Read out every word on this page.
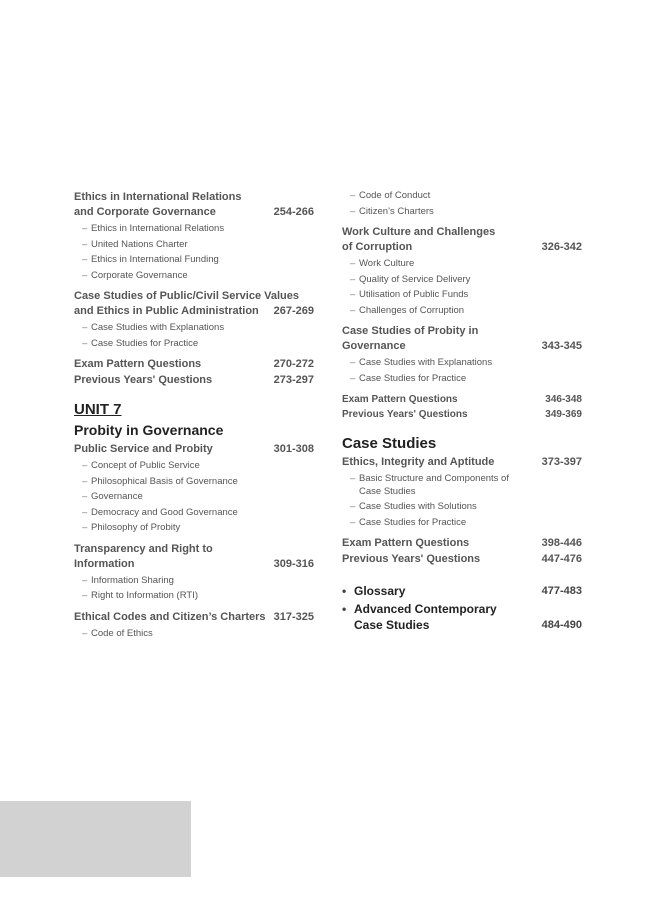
Ethics in International Relations
and Corporate Governance	254-266
– Ethics in International Relations
– United Nations Charter
– Ethics in International Funding
– Corporate Governance
Case Studies of Public/Civil Service Values
and Ethics in Public Administration 267-269
– Case Studies with Explanations
– Case Studies for Practice
Exam Pattern Questions	270-272
Previous Years' Questions	273-297
UNIT 7
Probity in Governance
Public Service and Probity	301-308
– Concept of Public Service
– Philosophical Basis of Governance
– Governance
– Democracy and Good Governance
– Philosophy of Probity
Transparency and Right to
Information	309-316
– Information Sharing
– Right to Information (RTI)
Ethical Codes and Citizen’s Charters 317-325
– Code of Ethics
– Code of Conduct
– Citizen’s Charters
Work Culture and Challenges
of Corruption	326-342
– Work Culture
– Quality of Service Delivery
– Utilisation of Public Funds
– Challenges of Corruption
Case Studies of Probity in
Governance	343-345
– Case Studies with Explanations
– Case Studies for Practice
Exam Pattern Questions	346-348
Previous Years' Questions	349-369
Case Studies
Ethics, Integrity and Aptitude	373-397
– Basic Structure and Components of Case Studies
– Case Studies with Solutions
– Case Studies for Practice
Exam Pattern Questions	398-446
Previous Years' Questions	447-476
• Glossary	477-483
• Advanced Contemporary
Case Studies	484-490
